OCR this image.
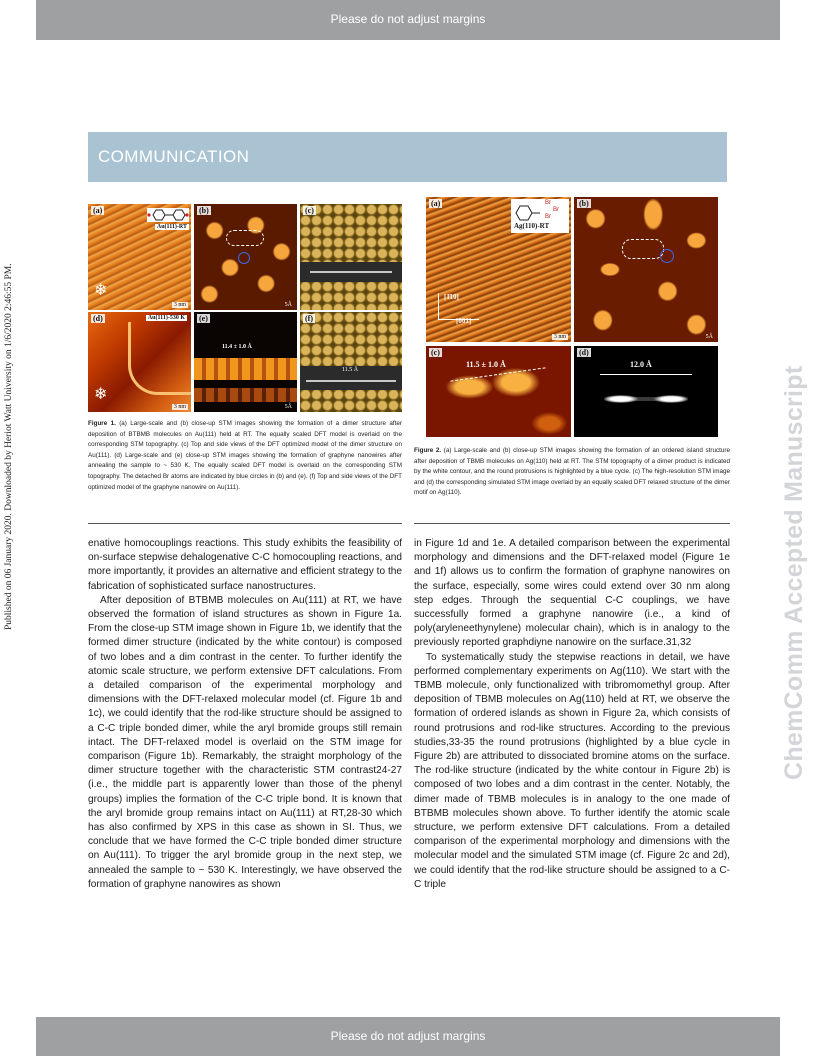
Please do not adjust margins
Please do not adjust margins
Published on 06 January 2020. Downloaded by Heriot Watt University on 1/6/2020 2:46:55 PM.	ChemComm Accepted Manuscript
COMMUNICATION
(a)
Au(111)-RT
❄
3 nm
(b)
5Å
(c)
(d)	Au(111)-530 K
❄
3 nm
(e)
11.4 ± 1.0 Å
5Å
(f)
11.5 Å
Figure 1. (a) Large-scale and (b) close-up STM images showing the formation of a dimer structure after deposition of BTBMB molecules on Au(111) held at RT. The equally scaled DFT model is overlaid on the corresponding STM topography. (c) Top and side views of the DFT optimized model of the dimer structure on Au(111). (d) Large-scale and (e) close-up STM images showing the formation of graphyne nanowires after annealing the sample to ~ 530 K. The equally scaled DFT model is overlaid on the corresponding STM topography. The detached Br atoms are indicated by blue circles in (b) and (e). (f) Top and side views of the DFT optimized model of the graphyne nanowire on Au(111).
(a)	Br
Br
Br
Ag(110)-RT
[1̄10]
[001]
3 nm
(b)
5Å
(c)
11.5 ± 1.0 Å
(d)
12.0 Å
Figure 2. (a) Large-scale and (b) close-up STM images showing the formation of an ordered island structure after deposition of TBMB molecules on Ag(110) held at RT. The STM topography of a dimer product is indicated by the white contour, and the round protrusions is highlighted by a blue cycle. (c) The high-resolution STM image and (d) the corresponding simulated STM image overlaid by an equally scaled DFT relaxed structure of the dimer motif on Ag(110).

enative homocouplings reactions. This study exhibits the feasibility of on-surface stepwise dehalogenative C-C homocoupling reactions, and more importantly, it provides an alternative and efficient strategy to the fabrication of sophisticated surface nanostructures.

After deposition of BTBMB molecules on Au(111) at RT, we have observed the formation of island structures as shown in Figure 1a. From the close-up STM image shown in Figure 1b, we identify that the formed dimer structure (indicated by the white contour) is composed of two lobes and a dim contrast in the center. To further identify the atomic scale structure, we perform extensive DFT calculations. From a detailed comparison of the experimental morphology and dimensions with the DFT-relaxed molecular model (cf. Figure 1b and 1c), we could identify that the rod-like structure should be assigned to a C-C triple bonded dimer, while the aryl bromide groups still remain intact. The DFT-relaxed model is overlaid on the STM image for comparison (Figure 1b). Remarkably, the straight morphology of the dimer structure together with the characteristic STM contrast24-27 (i.e., the middle part is apparently lower than those of the phenyl groups) implies the formation of the C-C triple bond. It is known that the aryl bromide group remains intact on Au(111) at RT,28-30 which has also confirmed by XPS in this case as shown in SI. Thus, we conclude that we have formed the C-C triple bonded dimer structure on Au(111). To trigger the aryl bromide group in the next step, we annealed the sample to ~ 530 K. Interestingly, we have observed the formation of graphyne nanowires as shown

in Figure 1d and 1e. A detailed comparison between the experimental morphology and dimensions and the DFT-relaxed model (Figure 1e and 1f) allows us to confirm the formation of graphyne nanowires on the surface, especially, some wires could extend over 30 nm along step edges. Through the sequential C-C couplings, we have successfully formed a graphyne nanowire (i.e., a kind of poly(aryleneethynylene) molecular chain), which is in analogy to the previously reported graphdiyne nanowire on the surface.31,32

To systematically study the stepwise reactions in detail, we have performed complementary experiments on Ag(110). We start with the TBMB molecule, only functionalized with tribromomethyl group. After deposition of TBMB molecules on Ag(110) held at RT, we observe the formation of ordered islands as shown in Figure 2a, which consists of round protrusions and rod-like structures. According to the previous studies,33-35 the round protrusions (highlighted by a blue cycle in Figure 2b) are attributed to dissociated bromine atoms on the surface. The rod-like structure (indicated by the white contour in Figure 2b) is composed of two lobes and a dim contrast in the center. Notably, the dimer made of TBMB molecules is in analogy to the one made of BTBMB molecules shown above. To further identify the atomic scale structure, we perform extensive DFT calculations. From a detailed comparison of the experimental morphology and dimensions with the molecular model and the simulated STM image (cf. Figure 2c and 2d), we could identify that the rod-like structure should be assigned to a C-C triple
